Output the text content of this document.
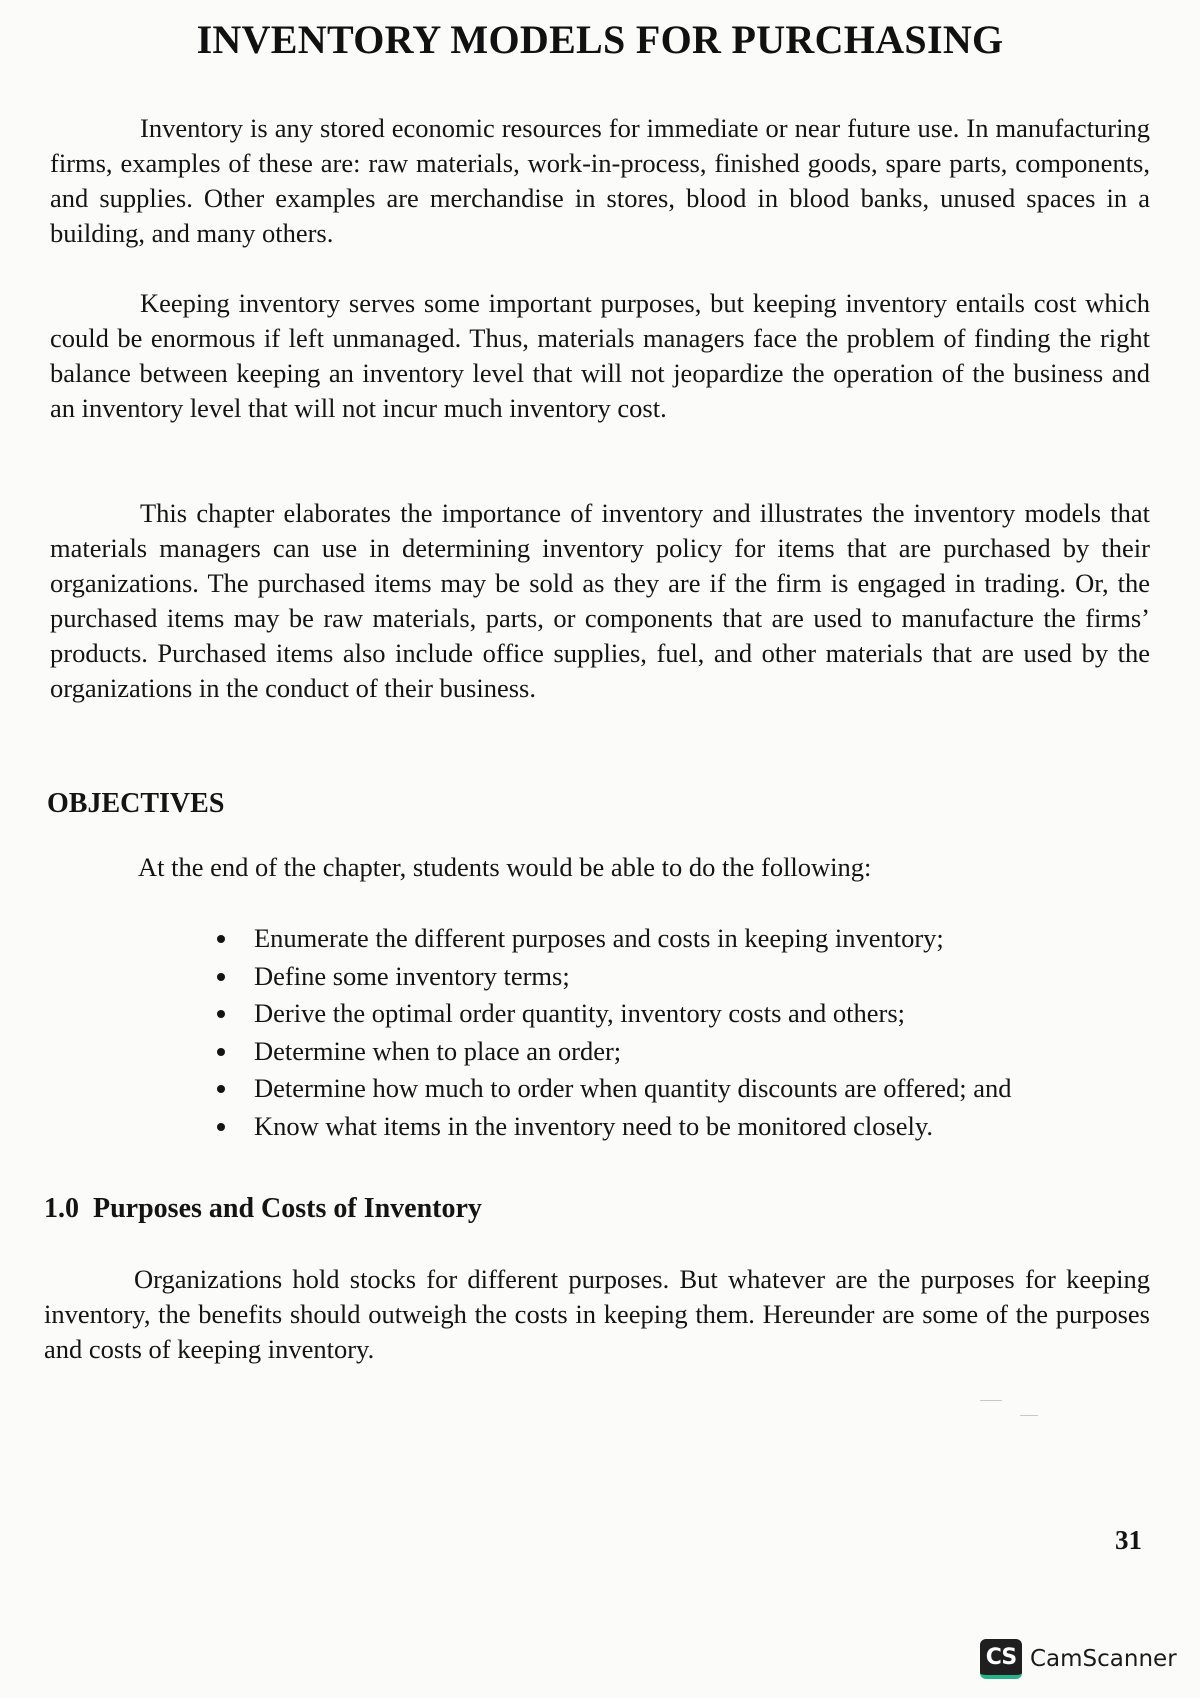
INVENTORY MODELS FOR PURCHASING

Inventory is any stored economic resources for immediate or near future use. In manufacturing firms, examples of these are: raw materials, work-in-process, finished goods, spare parts, components, and supplies. Other examples are merchandise in stores, blood in blood banks, unused spaces in a building, and many others.

Keeping inventory serves some important purposes, but keeping inventory entails cost which could be enormous if left unmanaged. Thus, materials managers face the problem of finding the right balance between keeping an inventory level that will not jeopardize the operation of the business and an inventory level that will not incur much inventory cost.

This chapter elaborates the importance of inventory and illustrates the inventory models that materials managers can use in determining inventory policy for items that are purchased by their organizations. The purchased items may be sold as they are if the firm is engaged in trading. Or, the purchased items may be raw materials, parts, or components that are used to manufacture the firms’ products. Purchased items also include office supplies, fuel, and other materials that are used by the organizations in the conduct of their business.

OBJECTIVES

At the end of the chapter, students would be able to do the following:

Enumerate the different purposes and costs in keeping inventory;
Define some inventory terms;
Derive the optimal order quantity, inventory costs and others;
Determine when to place an order;
Determine how much to order when quantity discounts are offered; and
Know what items in the inventory need to be monitored closely.
1.0  Purposes and Costs of Inventory

Organizations hold stocks for different purposes. But whatever are the purposes for keeping inventory, the benefits should outweigh the costs in keeping them. Hereunder are some of the purposes and costs of keeping inventory.

31

CS CamScanner
